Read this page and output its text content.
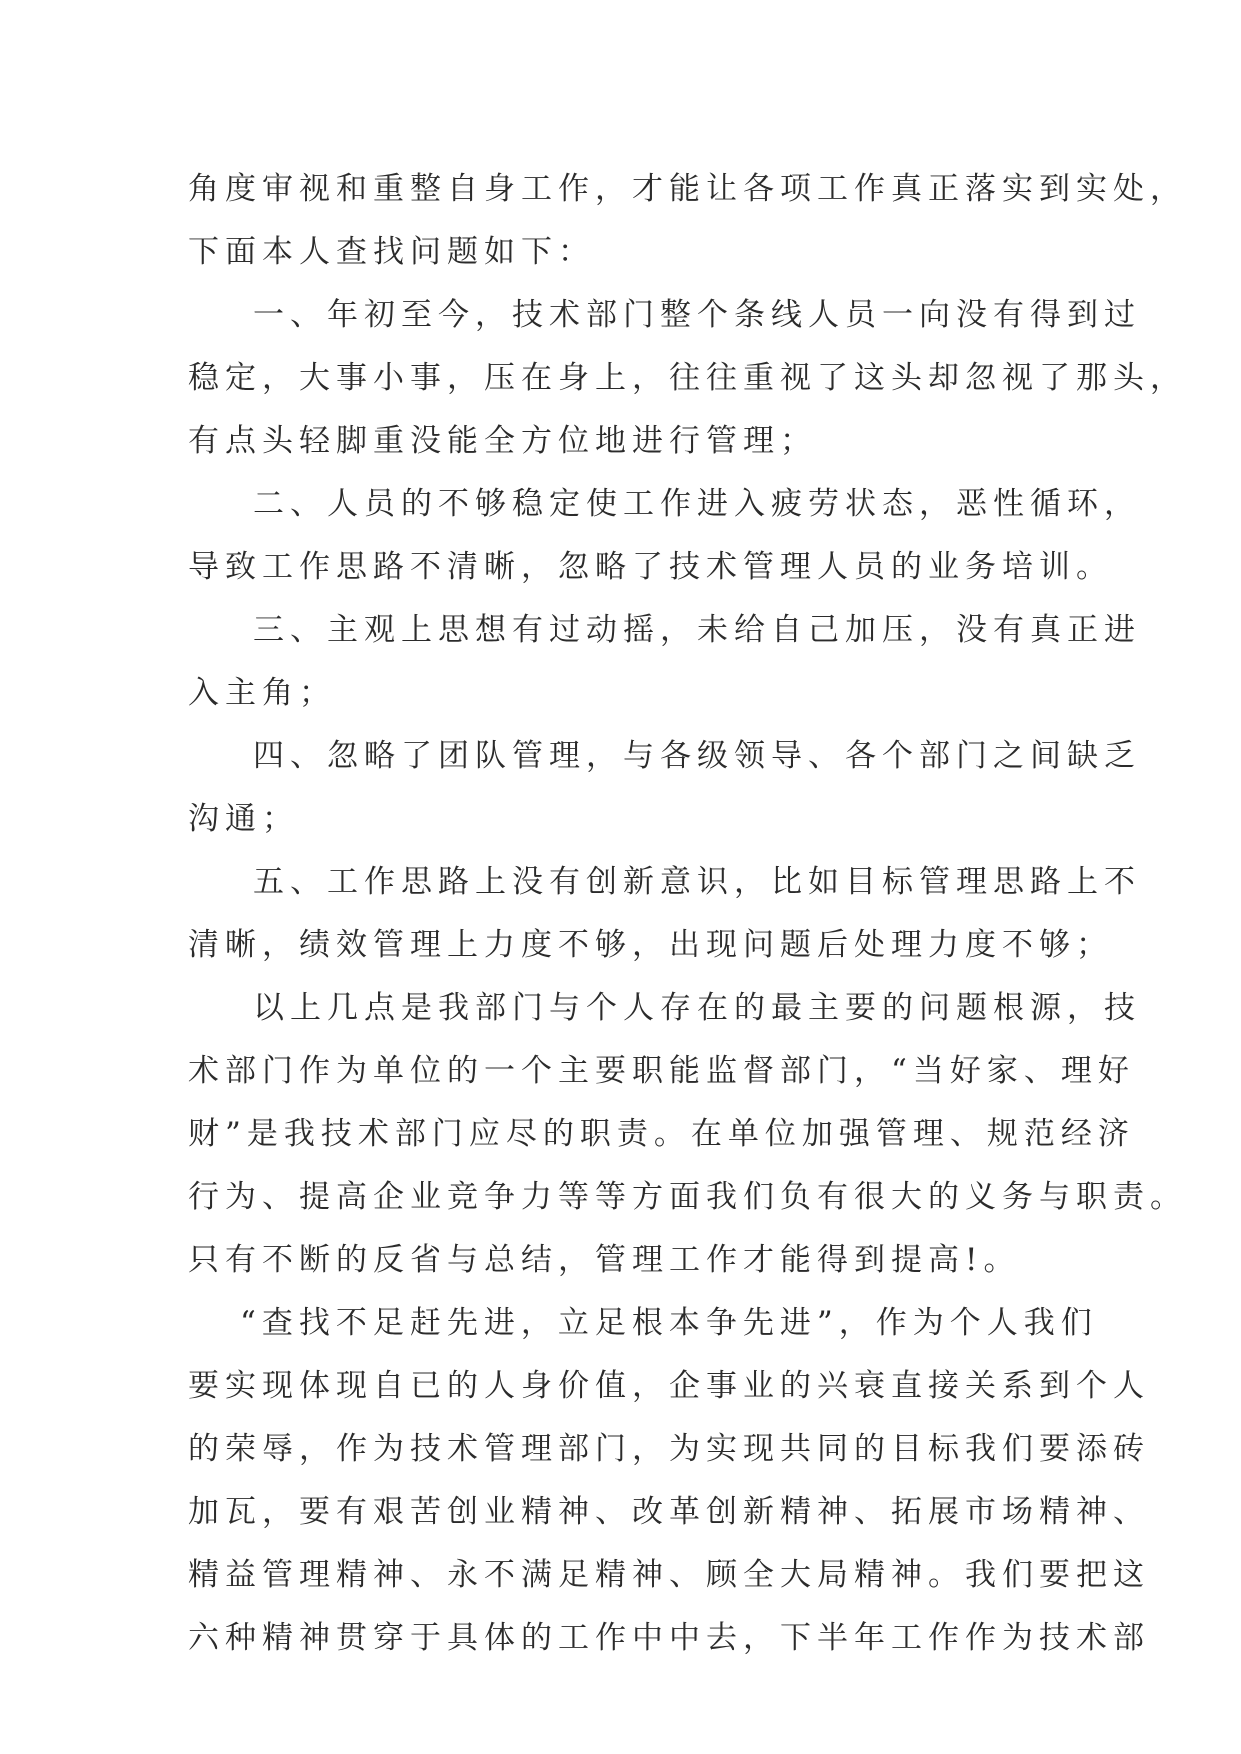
角度审视和重整自身工作，才能让各项工作真正落实到实处，
下面本人查找问题如下：
一、年初至今，技术部门整个条线人员一向没有得到过
稳定，大事小事，压在身上，往往重视了这头却忽视了那头，
有点头轻脚重没能全方位地进行管理；
二、人员的不够稳定使工作进入疲劳状态，恶性循环，
导致工作思路不清晰，忽略了技术管理人员的业务培训。
三、主观上思想有过动摇，未给自己加压，没有真正进
入主角；
四、忽略了团队管理，与各级领导、各个部门之间缺乏
沟通；
五、工作思路上没有创新意识，比如目标管理思路上不
清晰，绩效管理上力度不够，出现问题后处理力度不够；
以上几点是我部门与个人存在的最主要的问题根源，技
术部门作为单位的一个主要职能监督部门，“当好家、理好
财”是我技术部门应尽的职责。在单位加强管理、规范经济
行为、提高企业竞争力等等方面我们负有很大的义务与职责。
只有不断的反省与总结，管理工作才能得到提高!。
“查找不足赶先进，立足根本争先进”，作为个人我们
要实现体现自已的人身价值，企事业的兴衰直接关系到个人
的荣辱，作为技术管理部门，为实现共同的目标我们要添砖
加瓦，要有艰苦创业精神、改革创新精神、拓展市场精神、
精益管理精神、永不满足精神、顾全大局精神。我们要把这
六种精神贯穿于具体的工作中中去，下半年工作作为技术部
